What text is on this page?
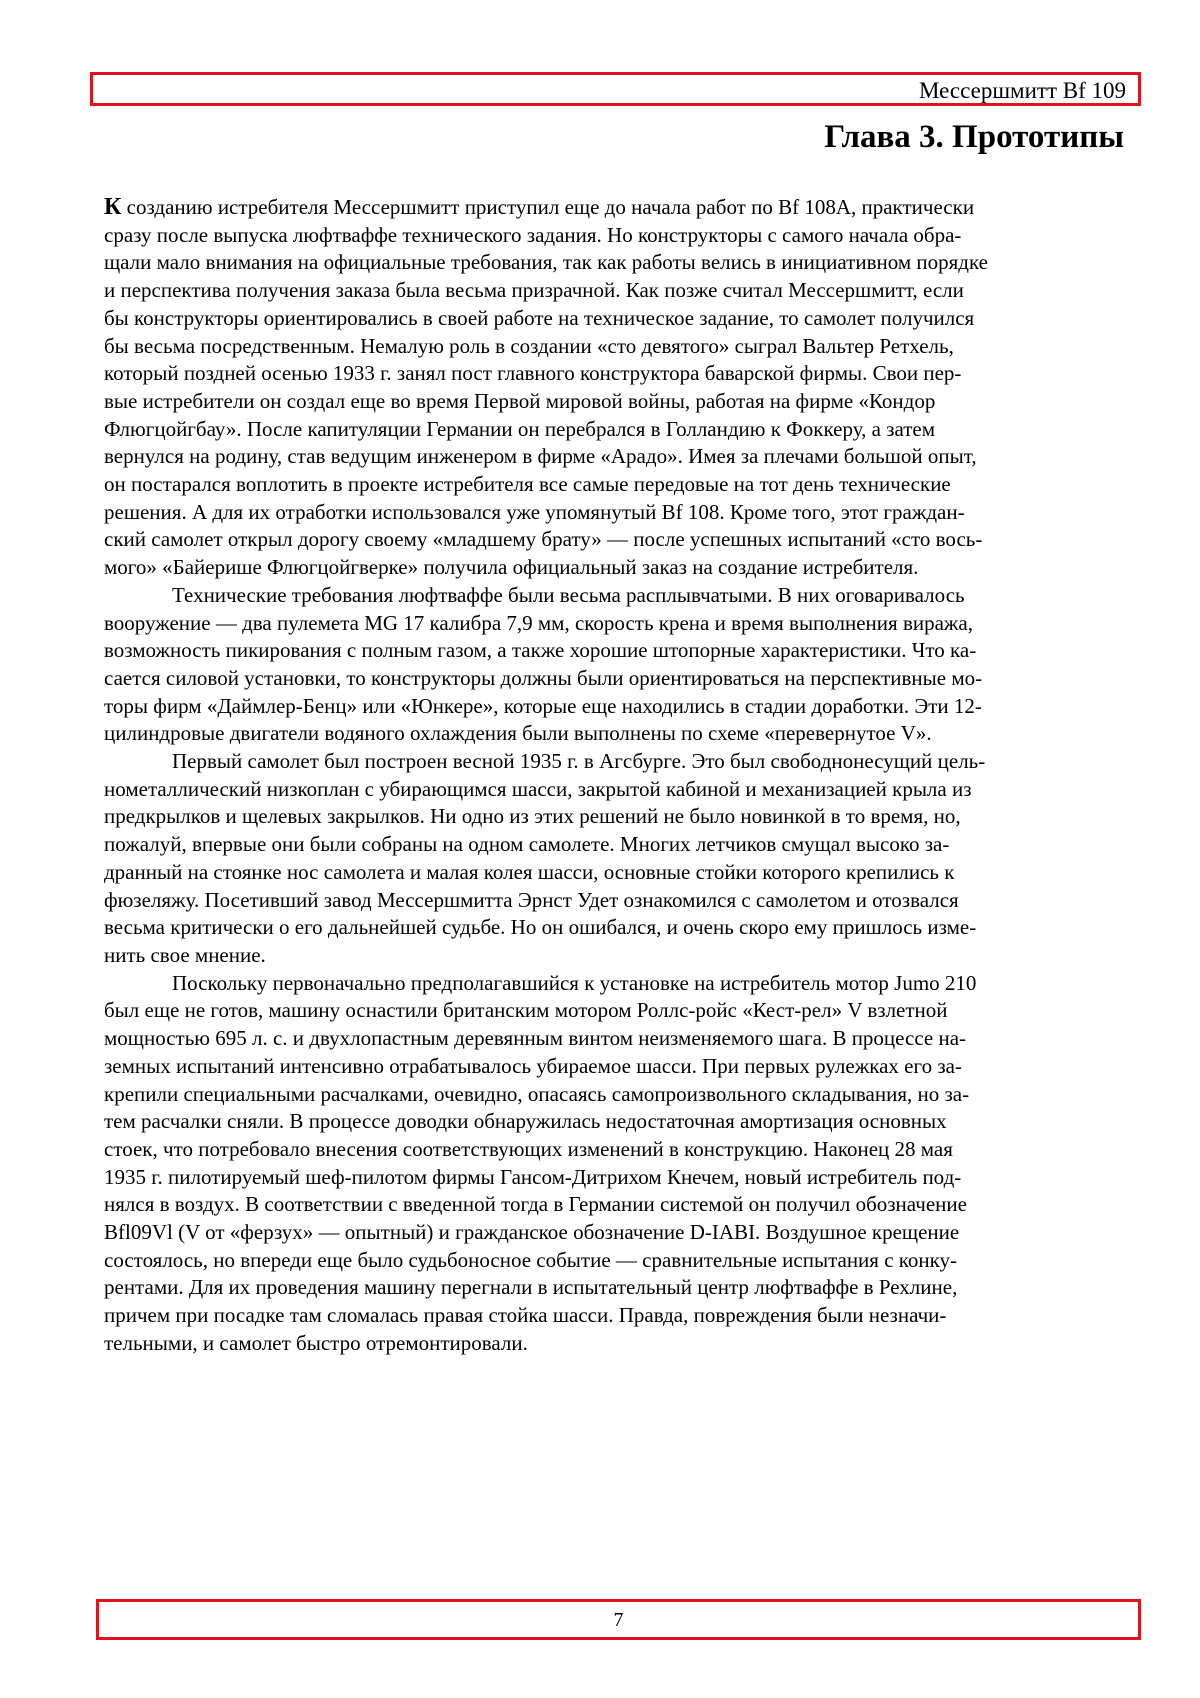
Мессершмитт Bf 109
Глава 3. Прототипы

К созданию истребителя Мессершмитт приступил еще до начала работ по Bf 108А, практически
сразу после выпуска люфтваффе технического задания. Но конструкторы с самого начала обра-
щали мало внимания на официальные требования, так как работы велись в инициативном порядке
и перспектива получения заказа была весьма призрачной. Как позже считал Мессершмитт, если
бы конструкторы ориентировались в своей работе на техническое задание, то самолет получился
бы весьма посредственным. Немалую роль в создании «сто девятого» сыграл Вальтер Ретхель,
который поздней осенью 1933 г. занял пост главного конструктора баварской фирмы. Свои пер-
вые истребители он создал еще во время Первой мировой войны, работая на фирме «Кондор
Флюгцойгбау». После капитуляции Германии он перебрался в Голландию к Фоккеру, а затем
вернулся на родину, став ведущим инженером в фирме «Арадо». Имея за плечами большой опыт,
он постарался воплотить в проекте истребителя все самые передовые на тот день технические
решения. А для их отработки использовался уже упомянутый Bf 108. Кроме того, этот граждан-
ский самолет открыл дорогу своему «младшему брату» — после успешных испытаний «сто вось-
мого» «Байерише Флюгцойгверке» получила официальный заказ на создание истребителя.

Технические требования люфтваффе были весьма расплывчатыми. В них оговаривалось
вооружение — два пулемета MG 17 калибра 7,9 мм, скорость крена и время выполнения виража,
возможность пикирования с полным газом, а также хорошие штопорные характеристики. Что ка-
сается силовой установки, то конструкторы должны были ориентироваться на перспективные мо-
торы фирм «Даймлер-Бенц» или «Юнкере», которые еще находились в стадии доработки. Эти 12-
цилиндровые двигатели водяного охлаждения были выполнены по схеме «перевернутое V».

Первый самолет был построен весной 1935 г. в Агсбурге. Это был свободнонесущий цель-
нометаллический низкоплан с убирающимся шасси, закрытой кабиной и механизацией крыла из
предкрылков и щелевых закрылков. Ни одно из этих решений не было новинкой в то время, но,
пожалуй, впервые они были собраны на одном самолете. Многих летчиков смущал высоко за-
дранный на стоянке нос самолета и малая колея шасси, основные стойки которого крепились к
фюзеляжу. Посетивший завод Мессершмитта Эрнст Удет ознакомился с самолетом и отозвался
весьма критически о его дальнейшей судьбе. Но он ошибался, и очень скоро ему пришлось изме-
нить свое мнение.

Поскольку первоначально предполагавшийся к установке на истребитель мотор Jumo 210
был еще не готов, машину оснастили британским мотором Роллс-ройс «Кест-рел» V взлетной
мощностью 695 л. с. и двухлопастным деревянным винтом неизменяемого шага. В процессе на-
земных испытаний интенсивно отрабатывалось убираемое шасси. При первых рулежках его за-
крепили специальными расчалками, очевидно, опасаясь самопроизвольного складывания, но за-
тем расчалки сняли. В процессе доводки обнаружилась недостаточная амортизация основных
стоек, что потребовало внесения соответствующих изменений в конструкцию. Наконец 28 мая
1935 г. пилотируемый шеф-пилотом фирмы Гансом-Дитрихом Кнечем, новый истребитель под-
нялся в воздух. В соответствии с введенной тогда в Германии системой он получил обозначение
Bfl09Vl (V от «ферзух» — опытный) и гражданское обозначение D-IABI. Воздушное крещение
состоялось, но впереди еще было судьбоносное событие — сравнительные испытания с конку-
рентами. Для их проведения машину перегнали в испытательный центр люфтваффе в Рехлине,
причем при посадке там сломалась правая стойка шасси. Правда, повреждения были незначи-
тельными, и самолет быстро отремонтировали.

7
